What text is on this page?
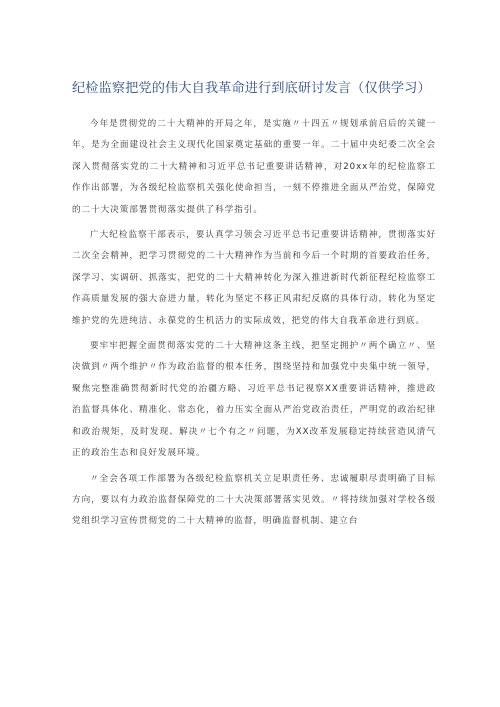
纪检监察把党的伟大自我革命进行到底研讨发言（仅供学习）

今年是贯彻党的二十大精神的开局之年，是实施〃十四五〃规划承前启后的关键一年，是为全面建设社会主义现代化国家奠定基础的重要一年。二十届中央纪委二次全会深入贯彻落实党的二十大精神和习近平总书记重要讲话精神，对20xx年的纪检监察工作作出部署，为各级纪检监察机关强化使命担当，一刻不停推进全面从严治党，保障党的二十大决策部署贯彻落实提供了科学指引。

广大纪检监察干部表示，要认真学习领会习近平总书记重要讲话精神，贯彻落实好二次全会精神，把学习贯彻党的二十大精神作为当前和今后一个时期的首要政治任务，深学习、实调研、抓落实，把党的二十大精神转化为深入推进新时代新征程纪检监察工作高质量发展的强大奋进力量，转化为坚定不移正风肃纪反腐的具体行动，转化为坚定维护党的先进纯洁、永葆党的生机活力的实际成效，把党的伟大自我革命进行到底。

要牢牢把握全面贯彻落实党的二十大精神这条主线，把坚定拥护〃两个确立〃、坚决做到〃两个维护〃作为政治监督的根本任务，围绕坚持和加强党中央集中统一领导，聚焦完整准确贯彻新时代党的治疆方略、习近平总书记视察XX重要讲话精神，推进政治监督具体化、精准化、常态化，着力压实全面从严治党政治责任，严明党的政治纪律和政治规矩，及时发现、解决〃七个有之〃问题，为XX改革发展稳定持续营造风清气正的政治生态和良好发展环境。

〃全会各项工作部署为各级纪检监察机关立足职责任务、忠诚履职尽责明确了目标方向，要以有力政治监督保障党的二十大决策部署落实见效。〃将持续加强对学校各级党组织学习宣传贯彻党的二十大精神的监督，明确监督机制、建立台
